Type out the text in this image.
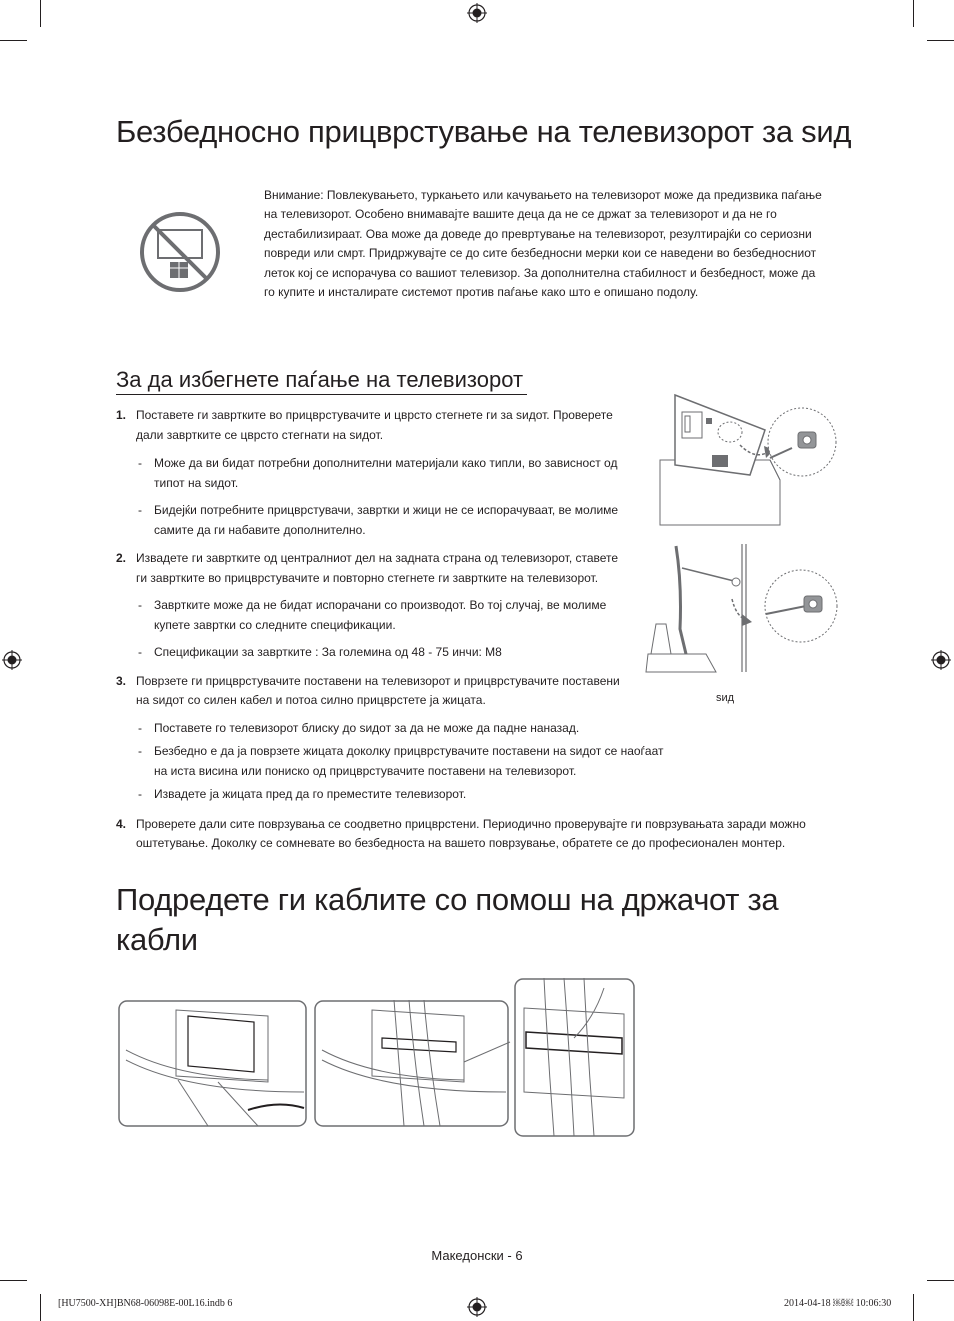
Безбедносно прицврстување на телевизорот за ѕид

Внимание: Повлекувањето, туркањето или качувањето на телевизорот може да предизвика паѓање на телевизорот. Особено внимавајте вашите деца да не се држат за телевизорот и да не го дестабилизираат. Ова може да доведе до превртување на телевизорот, резултирајќи со сериозни повреди или смрт. Придржувајте се до сите безбедносни мерки кои се наведени во безбедносниот леток кој се испорачува со вашиот телевизор. За дополнителна стабилност и безбедност, може да го купите и инсталирате системот против паѓање како што е опишано подолу.

За да избегнете паѓање на телевизорот
1. Поставете ги завртките во прицврстувачите и цврсто стегнете ги за ѕидот. Проверете дали завртките се цврсто стегнати на ѕидот.
- Може да ви бидат потребни дополнителни материјали како типли, во зависност од типот на ѕидот.
- Бидејќи потребните прицврстувачи, завртки и жици не се испорачуваат, ве молиме самите да ги набавите дополнително.
2. Извадете ги завртките од централниот дел на задната страна од телевизорот, ставете ги завртките во прицврстувачите и повторно стегнете ги завртките на телевизорот.
- Завртките може да не бидат испорачани со производот. Во тој случај, ве молиме купете завртки со следните спецификации.
- Спецификации за завртките : За големина од 48 - 75 инчи: M8
3. Поврзете ги прицврстувачите поставени на телевизорот и прицврстувачите поставени на ѕидот со силен кабел и потоа силно прицврстете ја жицата.
- Поставете го телевизорот блиску до ѕидот за да не може да падне наназад.
- Безбедно е да ја поврзете жицата доколку прицврстувачите поставени на ѕидот се наоѓаат на иста висина или пониско од прицврстувачите поставени на телевизорот.
- Извадете ја жицата пред да го преместите телевизорот.
4. Проверете дали сите поврзувања се соодветно прицврстени. Периодично проверувајте ги поврзувањата заради можно оштетување. Доколку се сомневате во безбедноста на вашето поврзување, обратете се до професионален монтер.
ѕид
Подредете ги каблите со помош на држачот за кабли
Македонски - 6
[HU7500-XH]BN68-06098E-00L16.indb 6	2014-04-18 ￼￼ 10:06:30
